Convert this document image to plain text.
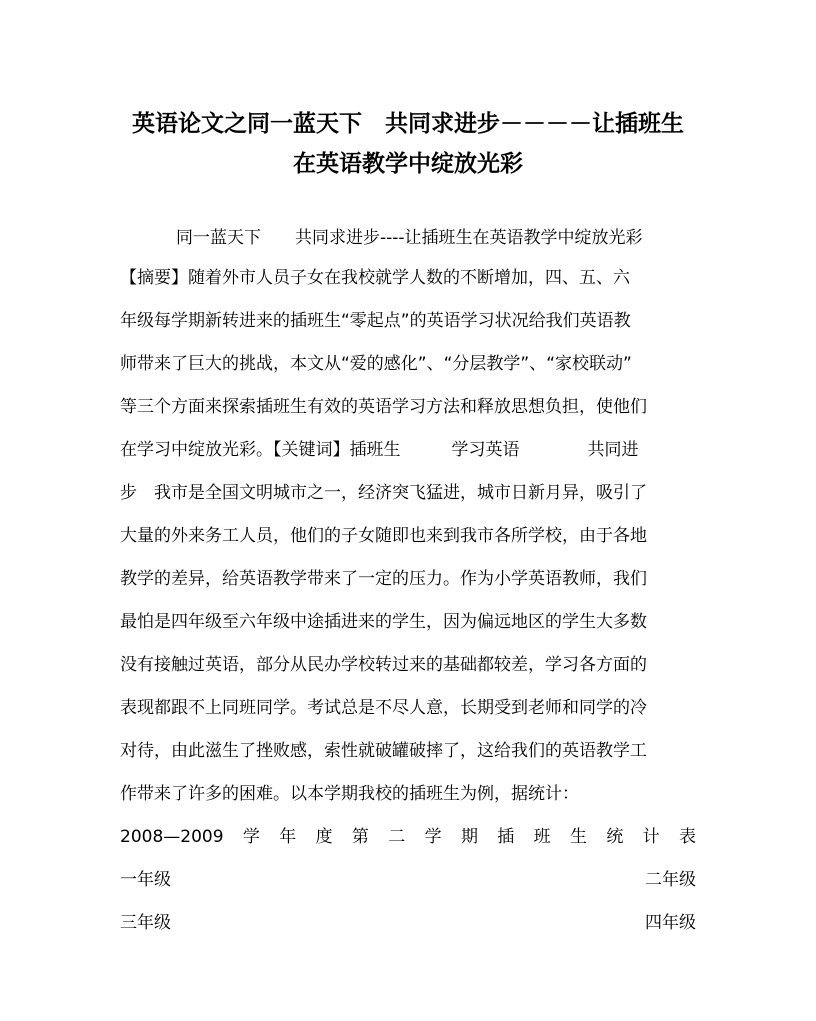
英语论文之同一蓝天下　共同求进步－－－－让插班生
在英语教学中绽放光彩
同一蓝天下　　共同求进步----让插班生在英语教学中绽放光彩
【摘要】随着外市人员子女在我校就学人数的不断增加，四、五、六
年级每学期新转进来的插班生“零起点”的英语学习状况给我们英语教
师带来了巨大的挑战，本文从“爱的感化”、“分层教学”、“家校联动”
等三个方面来探索插班生有效的英语学习方法和释放思想负担，使他们
在学习中绽放光彩。【关键词】插班生　　　学习英语　　　　共同进
步　我市是全国文明城市之一，经济突飞猛进，城市日新月异，吸引了
大量的外来务工人员，他们的子女随即也来到我市各所学校，由于各地
教学的差异，给英语教学带来了一定的压力。作为小学英语教师，我们
最怕是四年级至六年级中途插进来的学生，因为偏远地区的学生大多数
没有接触过英语，部分从民办学校转过来的基础都较差，学习各方面的
表现都跟不上同班同学。考试总是不尽人意，长期受到老师和同学的冷
对待，由此滋生了挫败感，索性就破罐破摔了，这给我们的英语教学工
作带来了许多的困难。以本学期我校的插班生为例，据统计：
2008—2009 学 年 度 第 二 学 期 插 班 生 统 计 表
一年级	二年级
三年级	四年级
